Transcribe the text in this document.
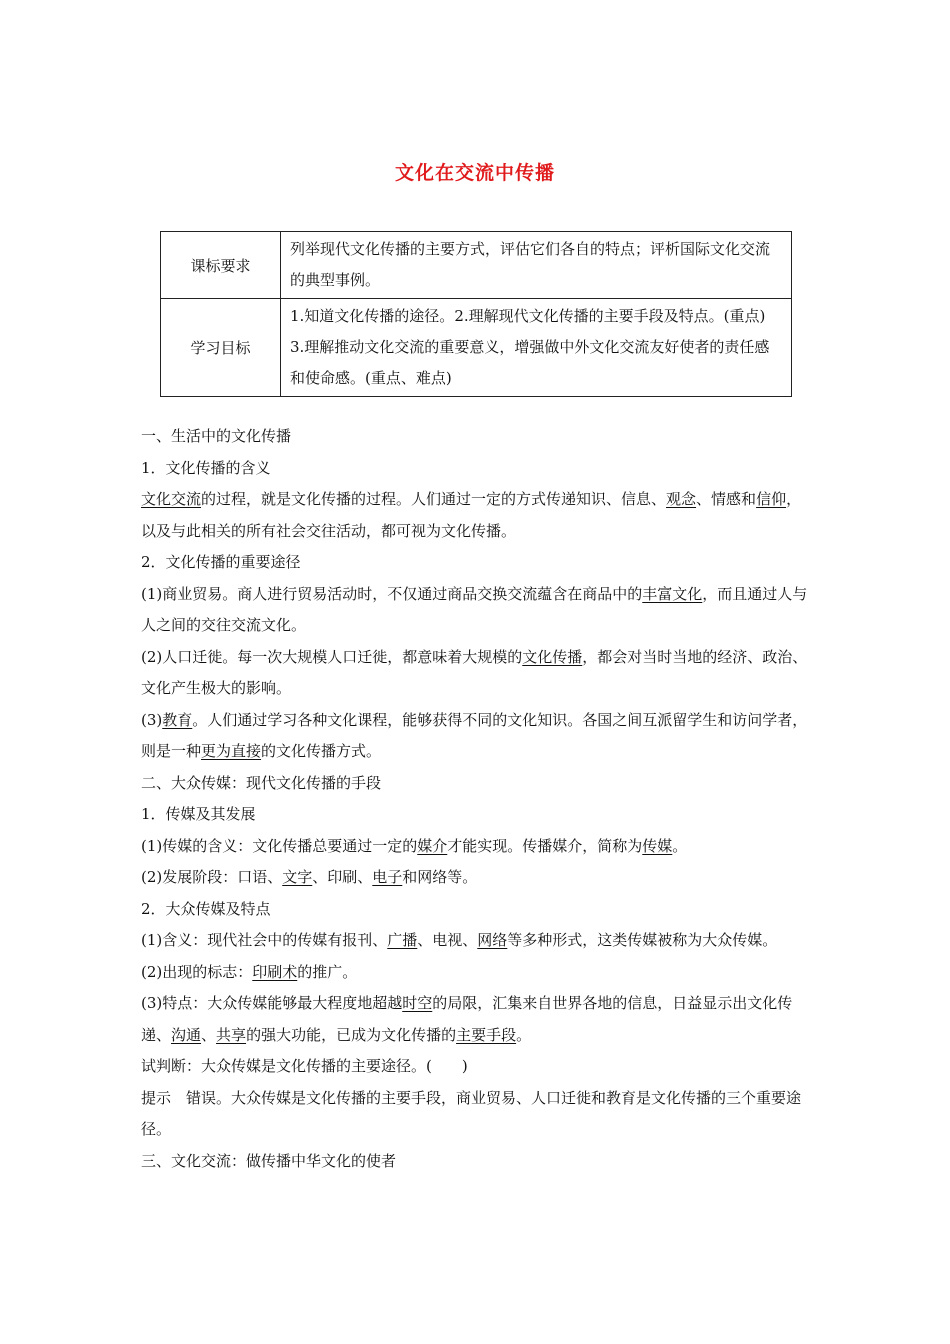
文化在交流中传播
课标要求	列举现代文化传播的主要方式，评估它们各自的特点；评析国际文化交流的典型事例。
学习目标	1.知道文化传播的途径。2.理解现代文化传播的主要手段及特点。(重点) 3.理解推动文化交流的重要意义，增强做中外文化交流友好使者的责任感和使命感。(重点、难点)

一、生活中的文化传播

1．文化传播的含义

文化交流的过程，就是文化传播的过程。人们通过一定的方式传递知识、信息、观念、情感和信仰，以及与此相关的所有社会交往活动，都可视为文化传播。

2．文化传播的重要途径

(1)商业贸易。商人进行贸易活动时，不仅通过商品交换交流蕴含在商品中的丰富文化，而且通过人与人之间的交往交流文化。

(2)人口迁徙。每一次大规模人口迁徙，都意味着大规模的文化传播，都会对当时当地的经济、政治、文化产生极大的影响。

(3)教育。人们通过学习各种文化课程，能够获得不同的文化知识。各国之间互派留学生和访问学者，则是一种更为直接的文化传播方式。

二、大众传媒：现代文化传播的手段

1．传媒及其发展

(1)传媒的含义：文化传播总要通过一定的媒介才能实现。传播媒介，简称为传媒。

(2)发展阶段：口语、文字、印刷、电子和网络等。

2．大众传媒及特点

(1)含义：现代社会中的传媒有报刊、广播、电视、网络等多种形式，这类传媒被称为大众传媒。

(2)出现的标志：印刷术的推广。

(3)特点：大众传媒能够最大程度地超越时空的局限，汇集来自世界各地的信息，日益显示出文化传递、沟通、共享的强大功能，已成为文化传播的主要手段。

试判断：大众传媒是文化传播的主要途径。(　　)

提示　错误。大众传媒是文化传播的主要手段，商业贸易、人口迁徙和教育是文化传播的三个重要途径。

三、文化交流：做传播中华文化的使者
